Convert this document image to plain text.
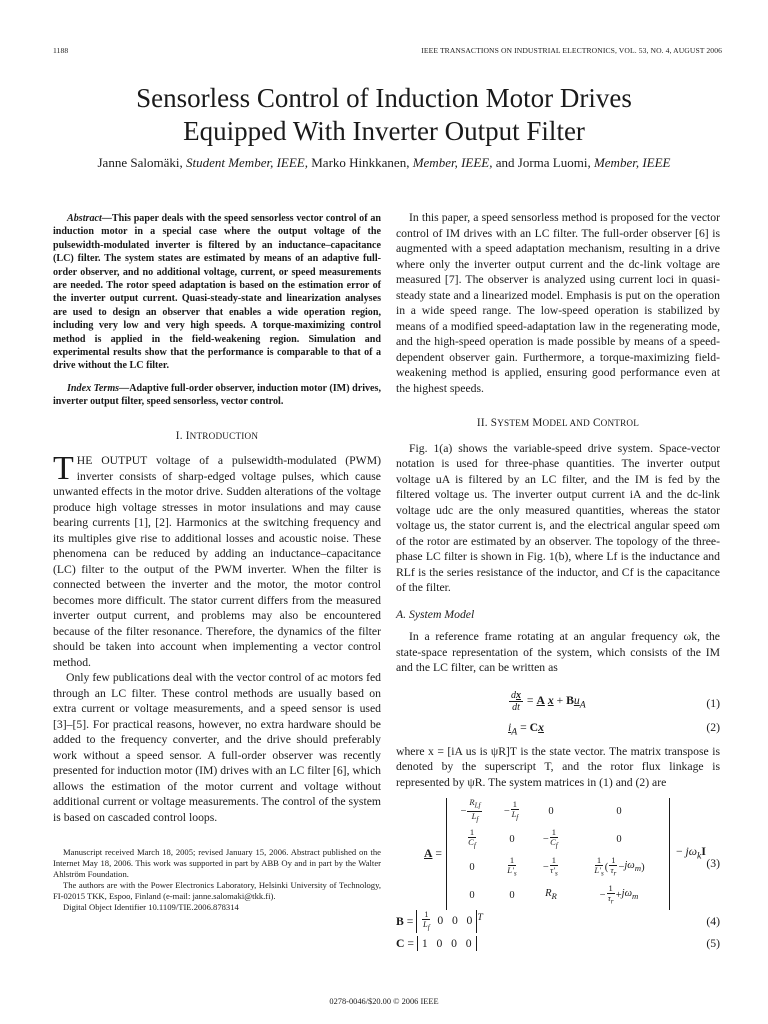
1188	IEEE TRANSACTIONS ON INDUSTRIAL ELECTRONICS, VOL. 53, NO. 4, AUGUST 2006
Sensorless Control of Induction Motor Drives
Equipped With Inverter Output Filter
Janne Salomäki, Student Member, IEEE, Marko Hinkkanen, Member, IEEE, and Jorma Luomi, Member, IEEE

Abstract—This paper deals with the speed sensorless vector control of an induction motor in a special case where the output voltage of the pulsewidth-modulated inverter is filtered by an inductance–capacitance (LC) filter. The system states are estimated by means of an adaptive full-order observer, and no additional voltage, current, or speed measurements are needed. The rotor speed adaptation is based on the estimation error of the inverter output current. Quasi-steady-state and linearization analyses are used to design an observer that enables a wide operation region, including very low and very high speeds. A torque-maximizing control method is applied in the field-weakening region. Simulation and experimental results show that the performance is comparable to that of a drive without the LC filter.

Index Terms—Adaptive full-order observer, induction motor (IM) drives, inverter output filter, speed sensorless, vector control.

I. INTRODUCTION

THE OUTPUT voltage of a pulsewidth-modulated (PWM) inverter consists of sharp-edged voltage pulses, which cause unwanted effects in the motor drive. Sudden alterations of the voltage produce high voltage stresses in motor insulations and may cause bearing currents [1], [2]. Harmonics at the switching frequency and its multiples give rise to additional losses and acoustic noise. These phenomena can be reduced by adding an inductance–capacitance (LC) filter to the output of the PWM inverter. When the filter is connected between the inverter and the motor, the motor control becomes more difficult. The stator current differs from the measured inverter output current, and problems may also be encountered because of the filter resonance. Therefore, the dynamics of the filter should be taken into account when implementing a vector control method.

Only few publications deal with the vector control of ac motors fed through an LC filter. These control methods are usually based on extra current or voltage measurements, and a speed sensor is used [3]–[5]. For practical reasons, however, no extra hardware should be added to the frequency converter, and the drive should preferably work without a speed sensor. A full-order observer was recently presented for induction motor (IM) drives with an LC filter [6], which allows the estimation of the motor current and voltage without additional current or voltage measurements. The control of the system is based on cascaded control loops.

Manuscript received March 18, 2005; revised January 15, 2006. Abstract published on the Internet May 18, 2006. This work was supported in part by ABB Oy and in part by the Walter Ahlström Foundation.

The authors are with the Power Electronics Laboratory, Helsinki University of Technology, FI-02015 TKK, Espoo, Finland (e-mail: janne.salomaki@tkk.fi).

Digital Object Identifier 10.1109/TIE.2006.878314

In this paper, a speed sensorless method is proposed for the vector control of IM drives with an LC filter. The full-order observer [6] is augmented with a speed adaptation mechanism, resulting in a drive where only the inverter output current and the dc-link voltage are measured [7]. The observer is analyzed using current loci in quasi-steady state and a linearized model. Emphasis is put on the operation in a wide speed range. The low-speed operation is stabilized by means of a modified speed-adaptation law in the regenerating mode, and the high-speed operation is made possible by means of a speed-dependent observer gain. Furthermore, a torque-maximizing field-weakening method is applied, ensuring good performance even at the highest speeds.

II. SYSTEM MODEL AND CONTROL

Fig. 1(a) shows the variable-speed drive system. Space-vector notation is used for three-phase quantities. The inverter output voltage uA is filtered by an LC filter, and the IM is fed by the filtered voltage us. The inverter output current iA and the dc-link voltage udc are the only measured quantities, whereas the stator voltage us, the stator current is, and the electrical angular speed ωm of the rotor are estimated by an observer. The topology of the three-phase LC filter is shown in Fig. 1(b), where Lf is the inductance and RLf is the series resistance of the inductor, and Cf is the capacitance of the filter.

A. System Model

In a reference frame rotating at an angular frequency ωk, the state-space representation of the system, which consists of the IM and the LC filter, can be written as

$\frac{dx}{dt} = A$ $x + Bu_A$	(1)
$i_A = Cx$	(2)

where x = [iA us is ψR]T is the state vector. The matrix transpose is denoted by the superscript T, and the rotor flux linkage is represented by ψR. The system matrices in (1) and (2) are

A =
− $\frac{R_{Lf}}{L_f}$	− $\frac{1}{L_f}$	0	0
$\frac{1}{C_f}$	0	− $\frac{1}{C_f}$	0
0	$\frac{1}{L'_s}$	− $\frac{1}{\tau'_s}$	$\frac{1}{L'_s}$ ( $\frac{1}{\tau_r} - j\omega_m$ )
0	0	$R_R$	− $\frac{1}{\tau_r} + j\omega_m$
− $j\omega_kI$
(3)
$B = \frac{1}{L_f} 0$   0   0 $^T$	(4)
C = 1   0   0   0	(5)
0278-0046/$20.00 © 2006 IEEE
